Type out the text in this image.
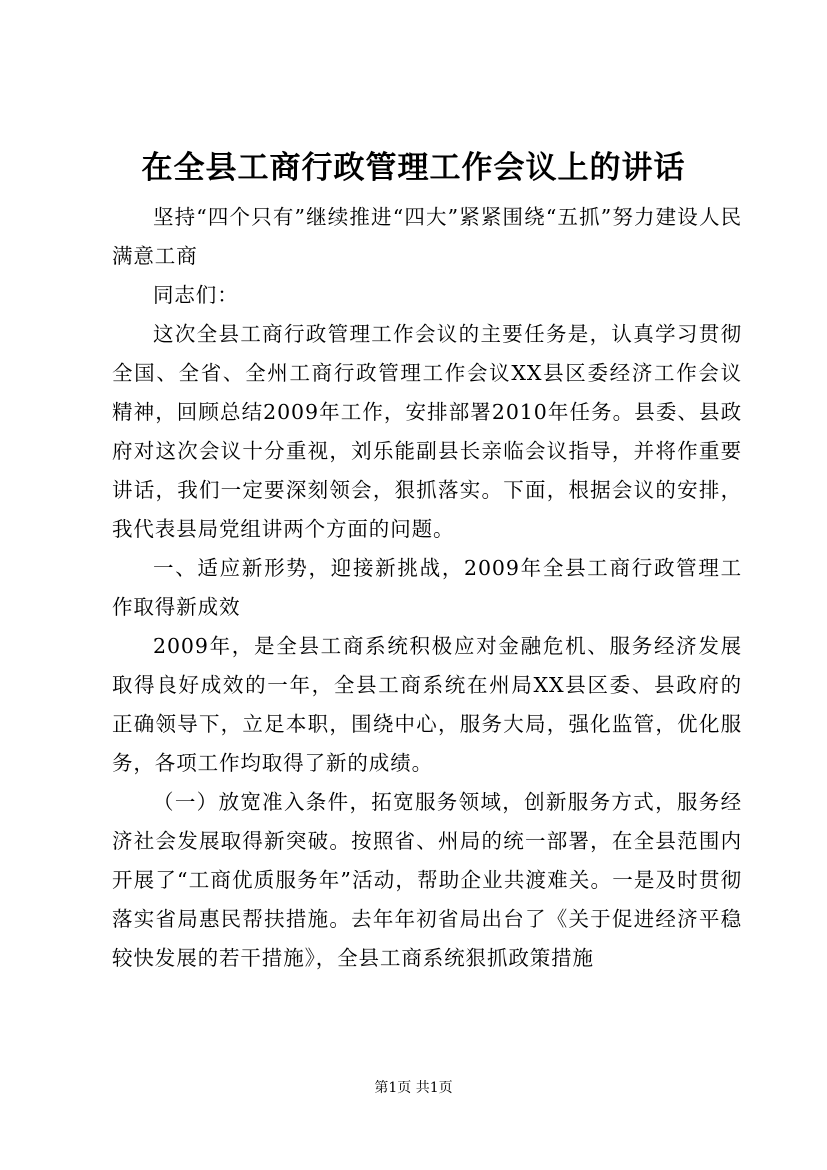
在全县工商行政管理工作会议上的讲话

坚持“四个只有”继续推进“四大”紧紧围绕“五抓”努力建设人民满意工商

同志们：

这次全县工商行政管理工作会议的主要任务是，认真学习贯彻全国、全省、全州工商行政管理工作会议XX县区委经济工作会议精神，回顾总结2009年工作，安排部署2010年任务。县委、县政府对这次会议十分重视，刘乐能副县长亲临会议指导，并将作重要讲话，我们一定要深刻领会，狠抓落实。下面，根据会议的安排，我代表县局党组讲两个方面的问题。

一、适应新形势，迎接新挑战，2009年全县工商行政管理工作取得新成效

2009年，是全县工商系统积极应对金融危机、服务经济发展取得良好成效的一年，全县工商系统在州局XX县区委、县政府的正确领导下，立足本职，围绕中心，服务大局，强化监管，优化服务，各项工作均取得了新的成绩。

（一）放宽准入条件，拓宽服务领域，创新服务方式，服务经济社会发展取得新突破。按照省、州局的统一部署，在全县范围内开展了“工商优质服务年”活动，帮助企业共渡难关。一是及时贯彻落实省局惠民帮扶措施。去年年初省局出台了《关于促进经济平稳较快发展的若干措施》，全县工商系统狠抓政策措施

第1页 共1页
